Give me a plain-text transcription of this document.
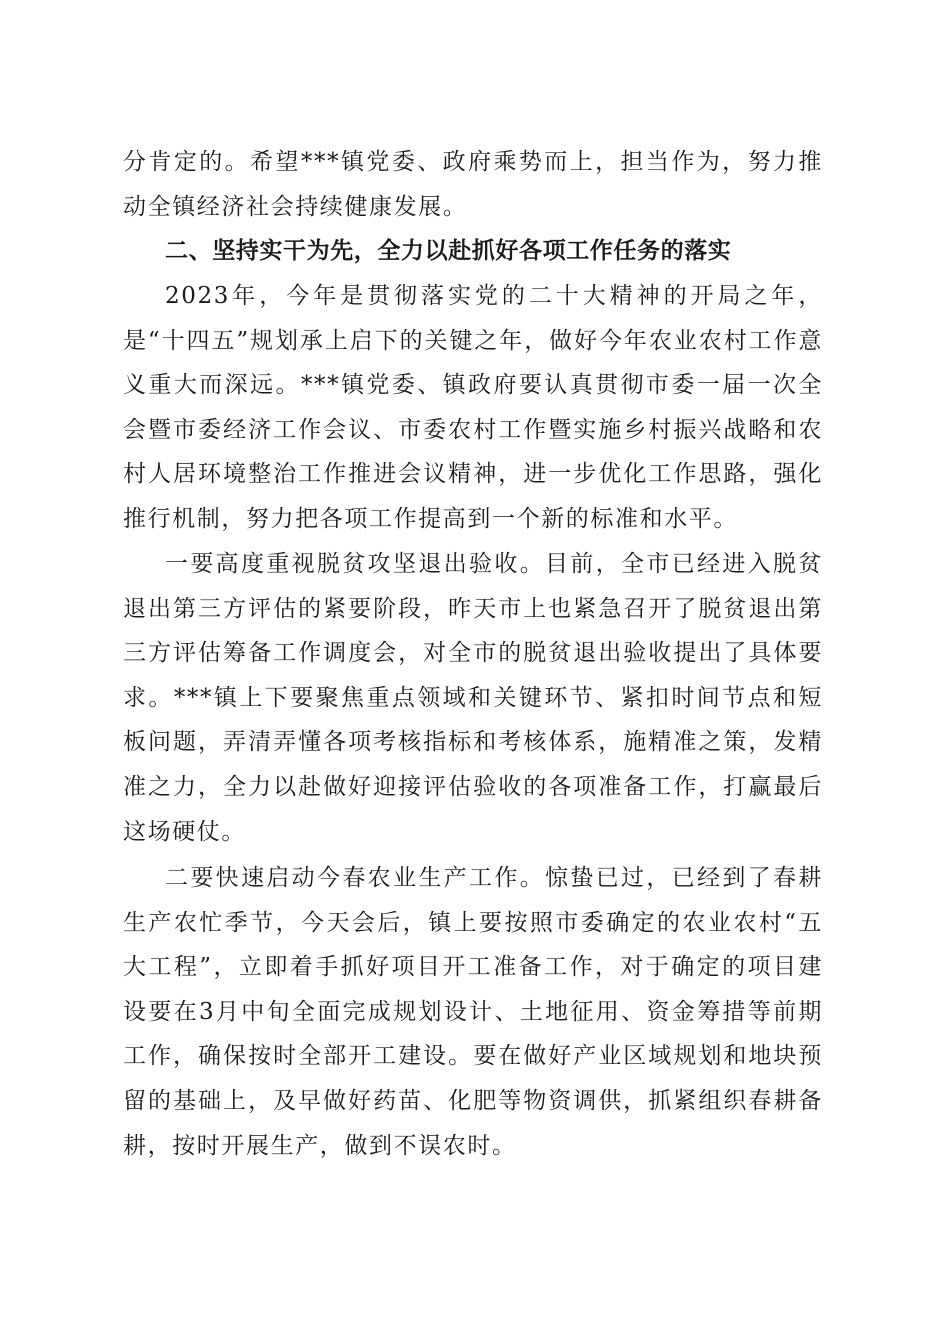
分肯定的。希望***镇党委、政府乘势而上，担当作为，努力推动全镇经济社会持续健康发展。

二、坚持实干为先，全力以赴抓好各项工作任务的落实

2023年，今年是贯彻落实党的二十大精神的开局之年，是“十四五”规划承上启下的关键之年，做好今年农业农村工作意义重大而深远。***镇党委、镇政府要认真贯彻市委一届一次全会暨市委经济工作会议、市委农村工作暨实施乡村振兴战略和农村人居环境整治工作推进会议精神，进一步优化工作思路，强化推行机制，努力把各项工作提高到一个新的标准和水平。

一要高度重视脱贫攻坚退出验收。目前，全市已经进入脱贫退出第三方评估的紧要阶段，昨天市上也紧急召开了脱贫退出第三方评估筹备工作调度会，对全市的脱贫退出验收提出了具体要求。***镇上下要聚焦重点领域和关键环节、紧扣时间节点和短板问题，弄清弄懂各项考核指标和考核体系，施精准之策，发精准之力，全力以赴做好迎接评估验收的各项准备工作，打赢最后这场硬仗。

二要快速启动今春农业生产工作。惊蛰已过，已经到了春耕生产农忙季节，今天会后，镇上要按照市委确定的农业农村“五大工程”，立即着手抓好项目开工准备工作，对于确定的项目建设要在3月中旬全面完成规划设计、土地征用、资金筹措等前期工作，确保按时全部开工建设。要在做好产业区域规划和地块预留的基础上，及早做好药苗、化肥等物资调供，抓紧组织春耕备耕，按时开展生产，做到不误农时。
